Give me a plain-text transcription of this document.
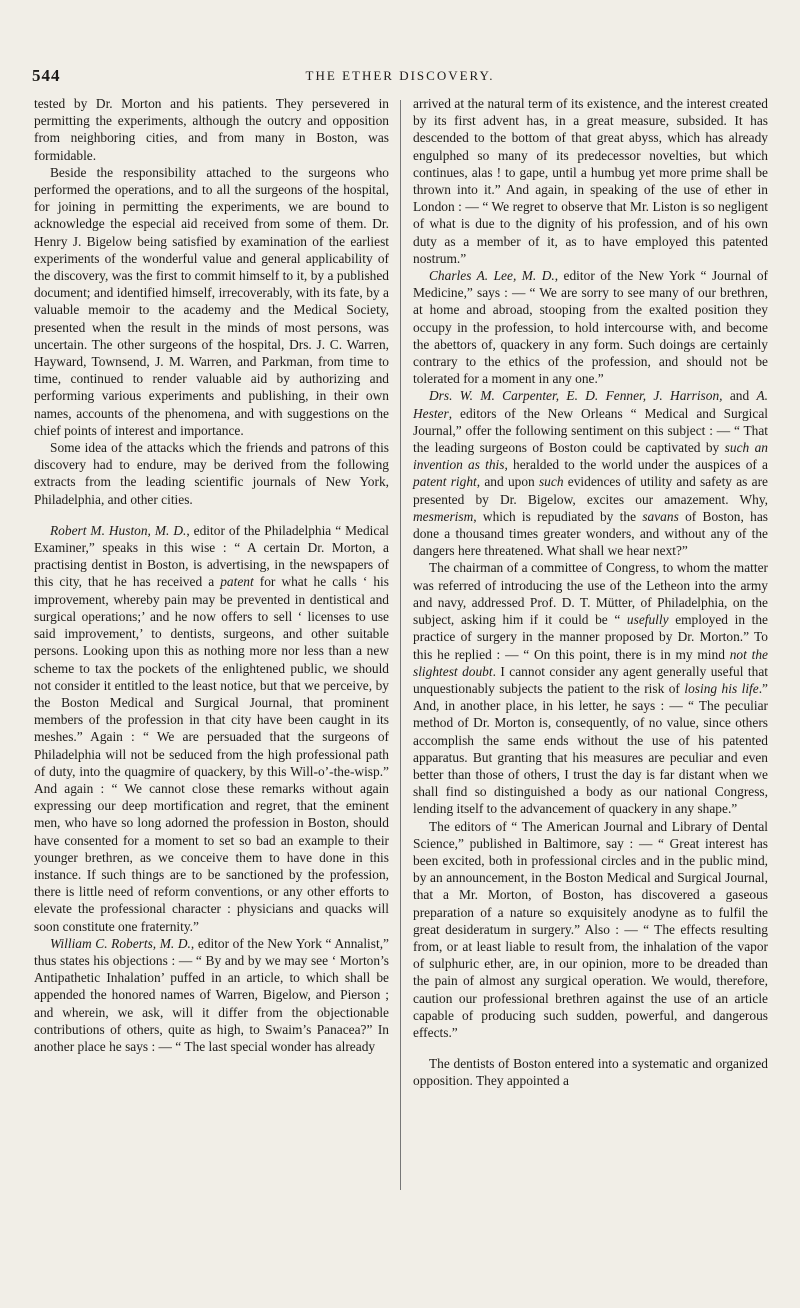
544	THE ETHER DISCOVERY.

tested by Dr. Morton and his patients. They persevered in permitting the experiments, although the outcry and opposition from neighboring cities, and from many in Boston, was formidable.

Beside the responsibility attached to the surgeons who performed the operations, and to all the surgeons of the hospital, for joining in permitting the experiments, we are bound to acknowledge the especial aid received from some of them. Dr. Henry J. Bigelow being satisfied by examination of the earliest experiments of the wonderful value and general applicability of the discovery, was the first to commit himself to it, by a published document; and identified himself, irrecoverably, with its fate, by a valuable memoir to the academy and the Medical Society, presented when the result in the minds of most persons, was uncertain. The other surgeons of the hospital, Drs. J. C. Warren, Hayward, Townsend, J. M. Warren, and Parkman, from time to time, continued to render valuable aid by authorizing and performing various experiments and publishing, in their own names, accounts of the phenomena, and with suggestions on the chief points of interest and importance.

Some idea of the attacks which the friends and patrons of this discovery had to endure, may be derived from the following extracts from the leading scientific journals of New York, Philadelphia, and other cities.

Robert M. Huston, M. D., editor of the Philadelphia “ Medical Examiner,” speaks in this wise : “ A certain Dr. Morton, a practising dentist in Boston, is advertising, in the newspapers of this city, that he has received a patent for what he calls ‘ his improvement, whereby pain may be prevented in dentistical and surgical operations;’ and he now offers to sell ‘ licenses to use said improvement,’ to dentists, surgeons, and other suitable persons. Looking upon this as nothing more nor less than a new scheme to tax the pockets of the enlightened public, we should not consider it entitled to the least notice, but that we perceive, by the Boston Medical and Surgical Journal, that prominent members of the profession in that city have been caught in its meshes.” Again : “ We are persuaded that the surgeons of Philadelphia will not be seduced from the high professional path of duty, into the quagmire of quackery, by this Will-o’-the-wisp.” And again : “ We cannot close these remarks without again expressing our deep mortification and regret, that the eminent men, who have so long adorned the profession in Boston, should have consented for a moment to set so bad an example to their younger brethren, as we conceive them to have done in this instance. If such things are to be sanctioned by the profession, there is little need of reform conventions, or any other efforts to elevate the professional character : physicians and quacks will soon constitute one fraternity.”

William C. Roberts, M. D., editor of the New York “ Annalist,” thus states his objections : — “ By and by we may see ‘ Morton’s Antipathetic Inhalation’ puffed in an article, to which shall be appended the honored names of Warren, Bigelow, and Pierson ; and wherein, we ask, will it differ from the objectionable contributions of others, quite as high, to Swaim’s Panacea?” In another place he says : — “ The last special wonder has already

arrived at the natural term of its existence, and the interest created by its first advent has, in a great measure, subsided. It has descended to the bottom of that great abyss, which has already engulphed so many of its predecessor novelties, but which continues, alas ! to gape, until a humbug yet more prime shall be thrown into it.” And again, in speaking of the use of ether in London : — “ We regret to observe that Mr. Liston is so negligent of what is due to the dignity of his profession, and of his own duty as a member of it, as to have employed this patented nostrum.”

Charles A. Lee, M. D., editor of the New York “ Journal of Medicine,” says : — “ We are sorry to see many of our brethren, at home and abroad, stooping from the exalted position they occupy in the profession, to hold intercourse with, and become the abettors of, quackery in any form. Such doings are certainly contrary to the ethics of the profession, and should not be tolerated for a moment in any one.”

Drs. W. M. Carpenter, E. D. Fenner, J. Harrison, and A. Hester, editors of the New Orleans “ Medical and Surgical Journal,” offer the following sentiment on this subject : — “ That the leading surgeons of Boston could be captivated by such an invention as this, heralded to the world under the auspices of a patent right, and upon such evidences of utility and safety as are presented by Dr. Bigelow, excites our amazement. Why, mesmerism, which is repudiated by the savans of Boston, has done a thousand times greater wonders, and without any of the dangers here threatened. What shall we hear next?”

The chairman of a committee of Congress, to whom the matter was referred of introducing the use of the Letheon into the army and navy, addressed Prof. D. T. Mütter, of Philadelphia, on the subject, asking him if it could be “ usefully employed in the practice of surgery in the manner proposed by Dr. Morton.” To this he replied : — “ On this point, there is in my mind not the slightest doubt. I cannot consider any agent generally useful that unquestionably subjects the patient to the risk of losing his life.” And, in another place, in his letter, he says : — “ The peculiar method of Dr. Morton is, consequently, of no value, since others accomplish the same ends without the use of his patented apparatus. But granting that his measures are peculiar and even better than those of others, I trust the day is far distant when we shall find so distinguished a body as our national Congress, lending itself to the advancement of quackery in any shape.”

The editors of “ The American Journal and Library of Dental Science,” published in Baltimore, say : — “ Great interest has been excited, both in professional circles and in the public mind, by an announcement, in the Boston Medical and Surgical Journal, that a Mr. Morton, of Boston, has discovered a gaseous preparation of a nature so exquisitely anodyne as to fulfil the great desideratum in surgery.” Also : — “ The effects resulting from, or at least liable to result from, the inhalation of the vapor of sulphuric ether, are, in our opinion, more to be dreaded than the pain of almost any surgical operation. We would, therefore, caution our professional brethren against the use of an article capable of producing such sudden, powerful, and dangerous effects.”

The dentists of Boston entered into a systematic and organized opposition. They appointed a
